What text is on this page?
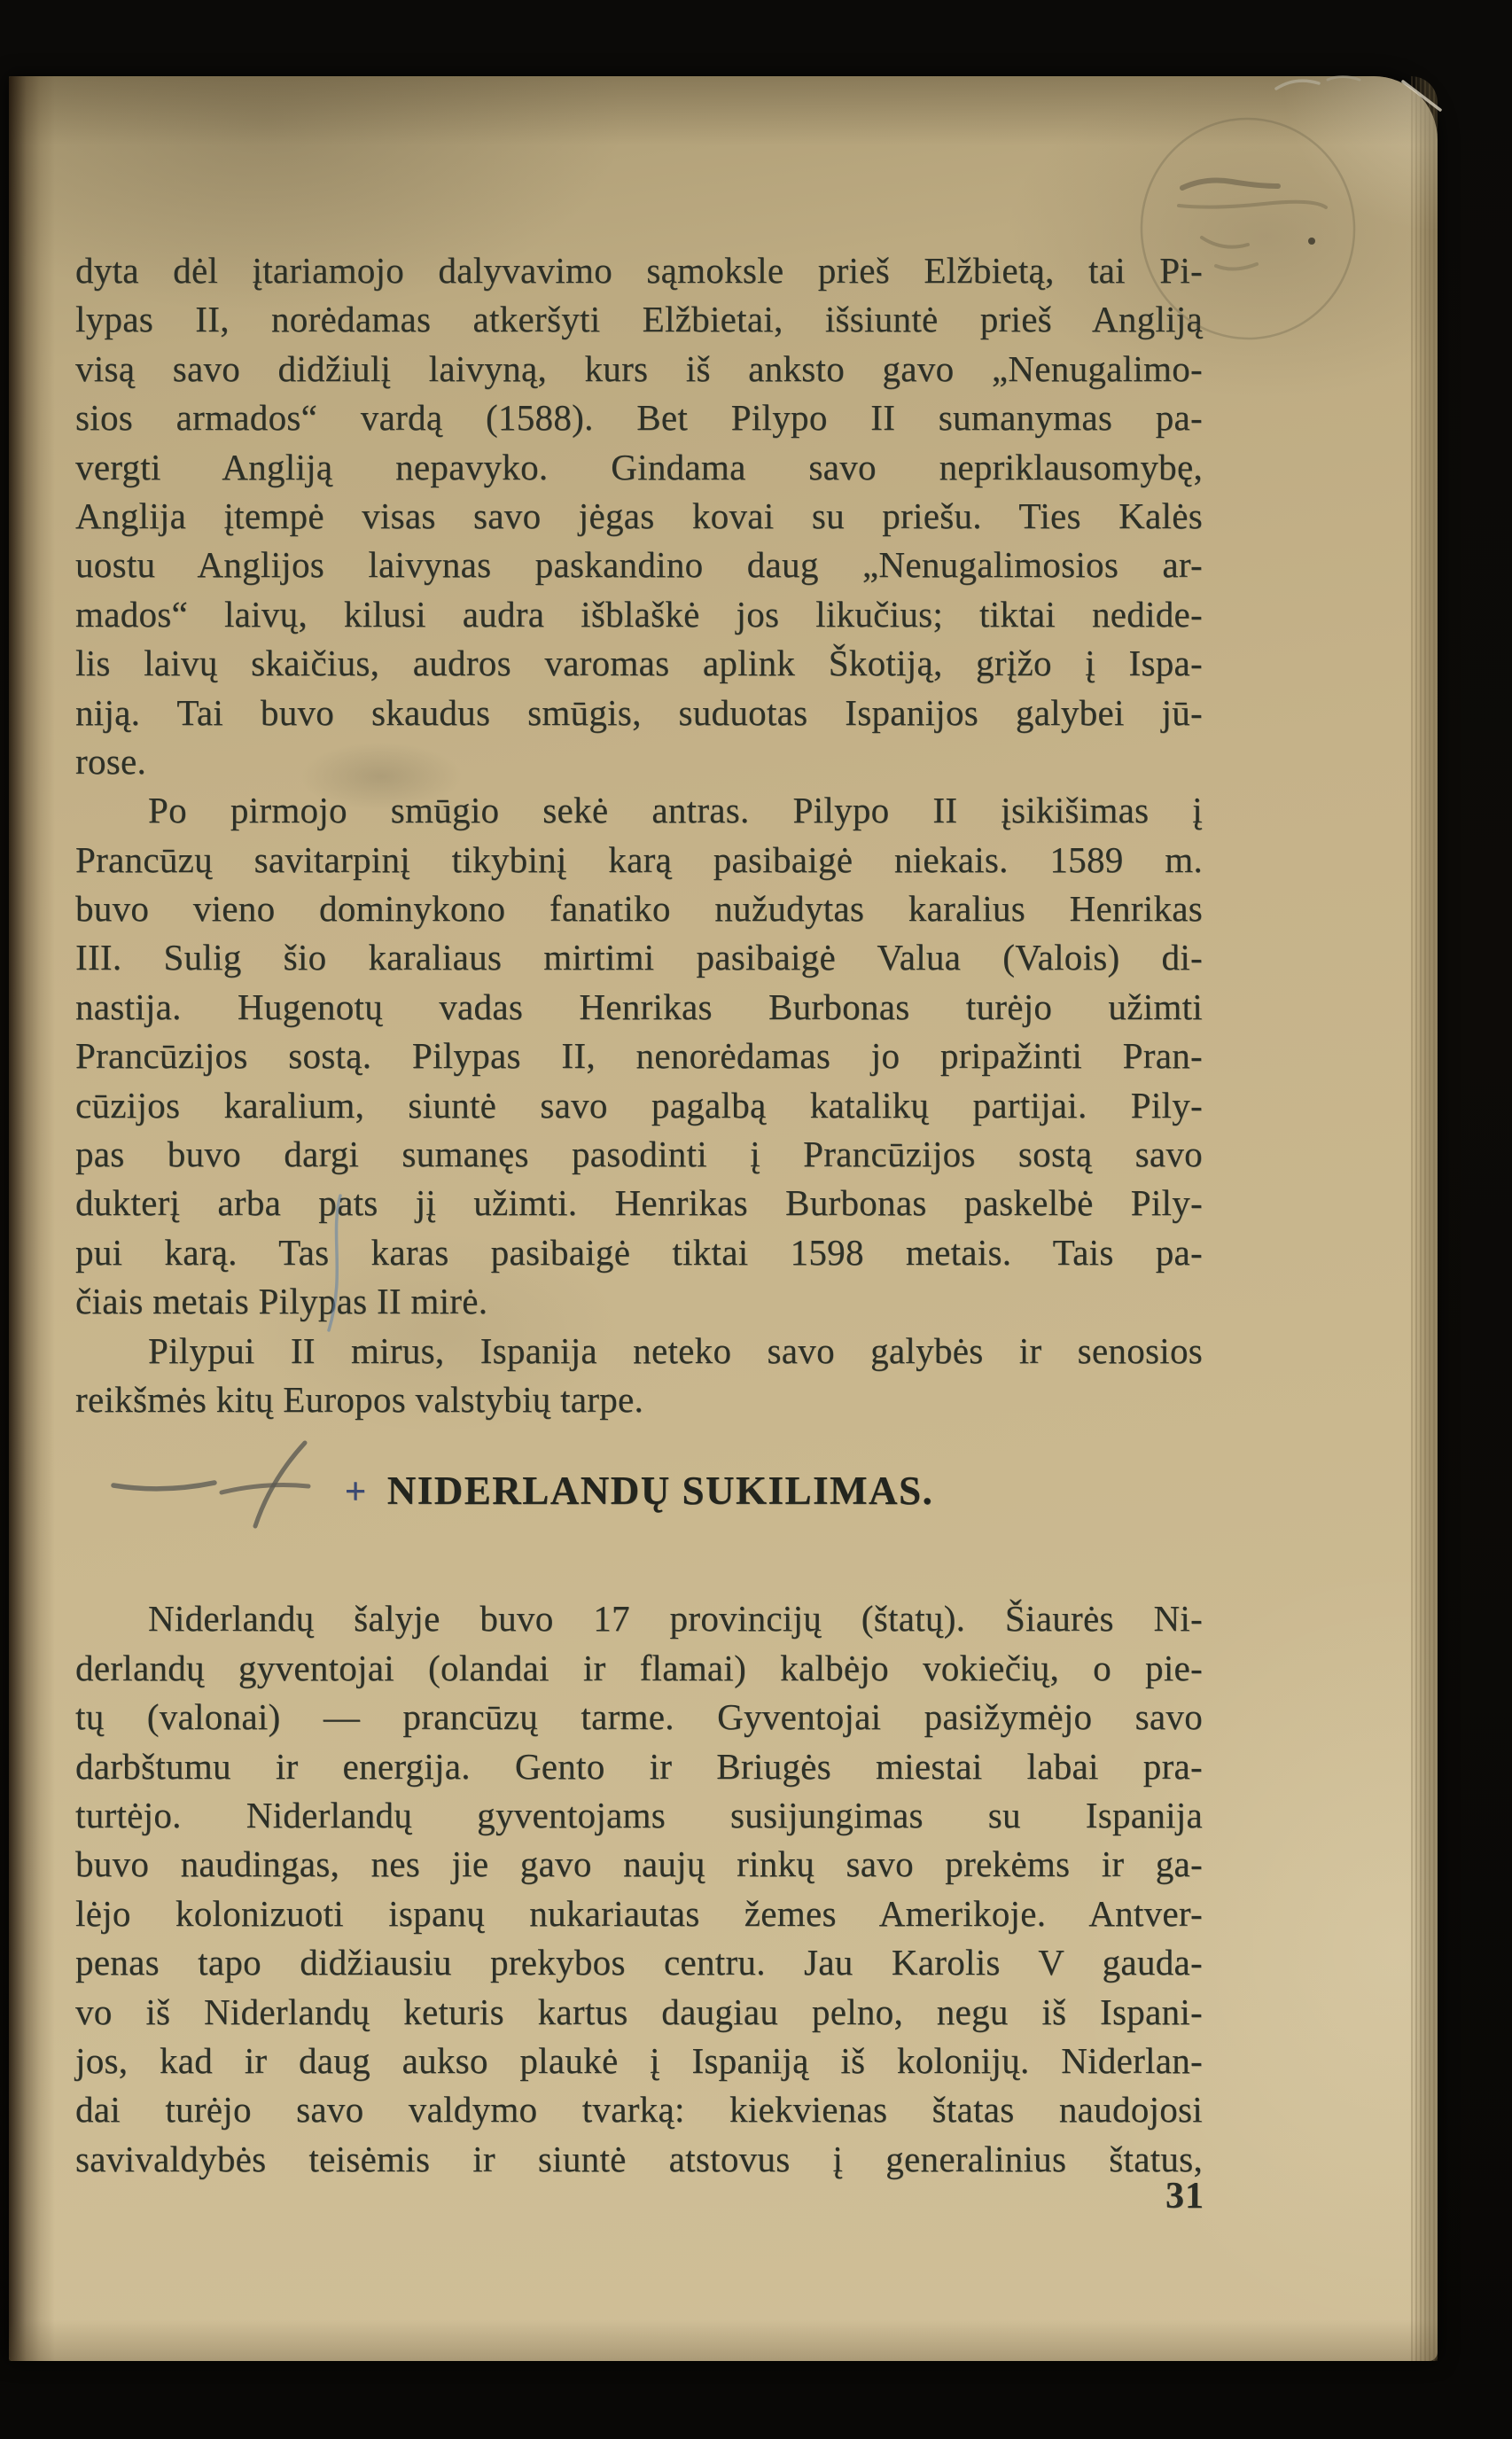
dyta dėl įtariamojo dalyvavimo sąmoksle prieš Elžbietą, tai Pi-
lypas II, norėdamas atkeršyti Elžbietai, išsiuntė prieš Angliją
visą savo didžiulį laivyną, kurs iš anksto gavo „Nenugalimo-
sios armados“ vardą (1588). Bet Pilypo II sumanymas pa-
vergti Angliją nepavyko. Gindama savo nepriklausomybę,
Anglija įtempė visas savo jėgas kovai su priešu. Ties Kalės
uostu Anglijos laivynas paskandino daug „Nenugalimosios ar-
mados“ laivų, kilusi audra išblaškė jos likučius; tiktai nedide-
lis laivų skaičius, audros varomas aplink Škotiją, grįžo į Ispa-
niją. Tai buvo skaudus smūgis, suduotas Ispanijos galybei jū-
rose.
Po pirmojo smūgio sekė antras. Pilypo II įsikišimas į
Prancūzų savitarpinį tikybinį karą pasibaigė niekais. 1589 m.
buvo vieno dominykono fanatiko nužudytas karalius Henrikas
III. Sulig šio karaliaus mirtimi pasibaigė Valua (Valois) di-
nastija. Hugenotų vadas Henrikas Burbonas turėjo užimti
Prancūzijos sostą. Pilypas II, nenorėdamas jo pripažinti Pran-
cūzijos karalium, siuntė savo pagalbą katalikų partijai. Pily-
pas buvo dargi sumanęs pasodinti į Prancūzijos sostą savo
dukterį arba pats jį užimti. Henrikas Burbonas paskelbė Pily-
pui karą. Tas karas pasibaigė tiktai 1598 metais. Tais pa-
čiais metais Pilypas II mirė.
Pilypui II mirus, Ispanija neteko savo galybės ir senosios
reikšmės kitų Europos valstybių tarpe.
+ NIDERLANDŲ SUKILIMAS.
Niderlandų šalyje buvo 17 provincijų (štatų). Šiaurės Ni-
derlandų gyventojai (olandai ir flamai) kalbėjo vokiečių, o pie-
tų (valonai) — prancūzų tarme. Gyventojai pasižymėjo savo
darbštumu ir energija. Gento ir Briugės miestai labai pra-
turtėjo. Niderlandų gyventojams susijungimas su Ispanija
buvo naudingas, nes jie gavo naujų rinkų savo prekėms ir ga-
lėjo kolonizuoti ispanų nukariautas žemes Amerikoje. Antver-
penas tapo didžiausiu prekybos centru. Jau Karolis V gauda-
vo iš Niderlandų keturis kartus daugiau pelno, negu iš Ispani-
jos, kad ir daug aukso plaukė į Ispaniją iš kolonijų. Niderlan-
dai turėjo savo valdymo tvarką: kiekvienas štatas naudojosi
savivaldybės teisėmis ir siuntė atstovus į generalinius štatus,
31
